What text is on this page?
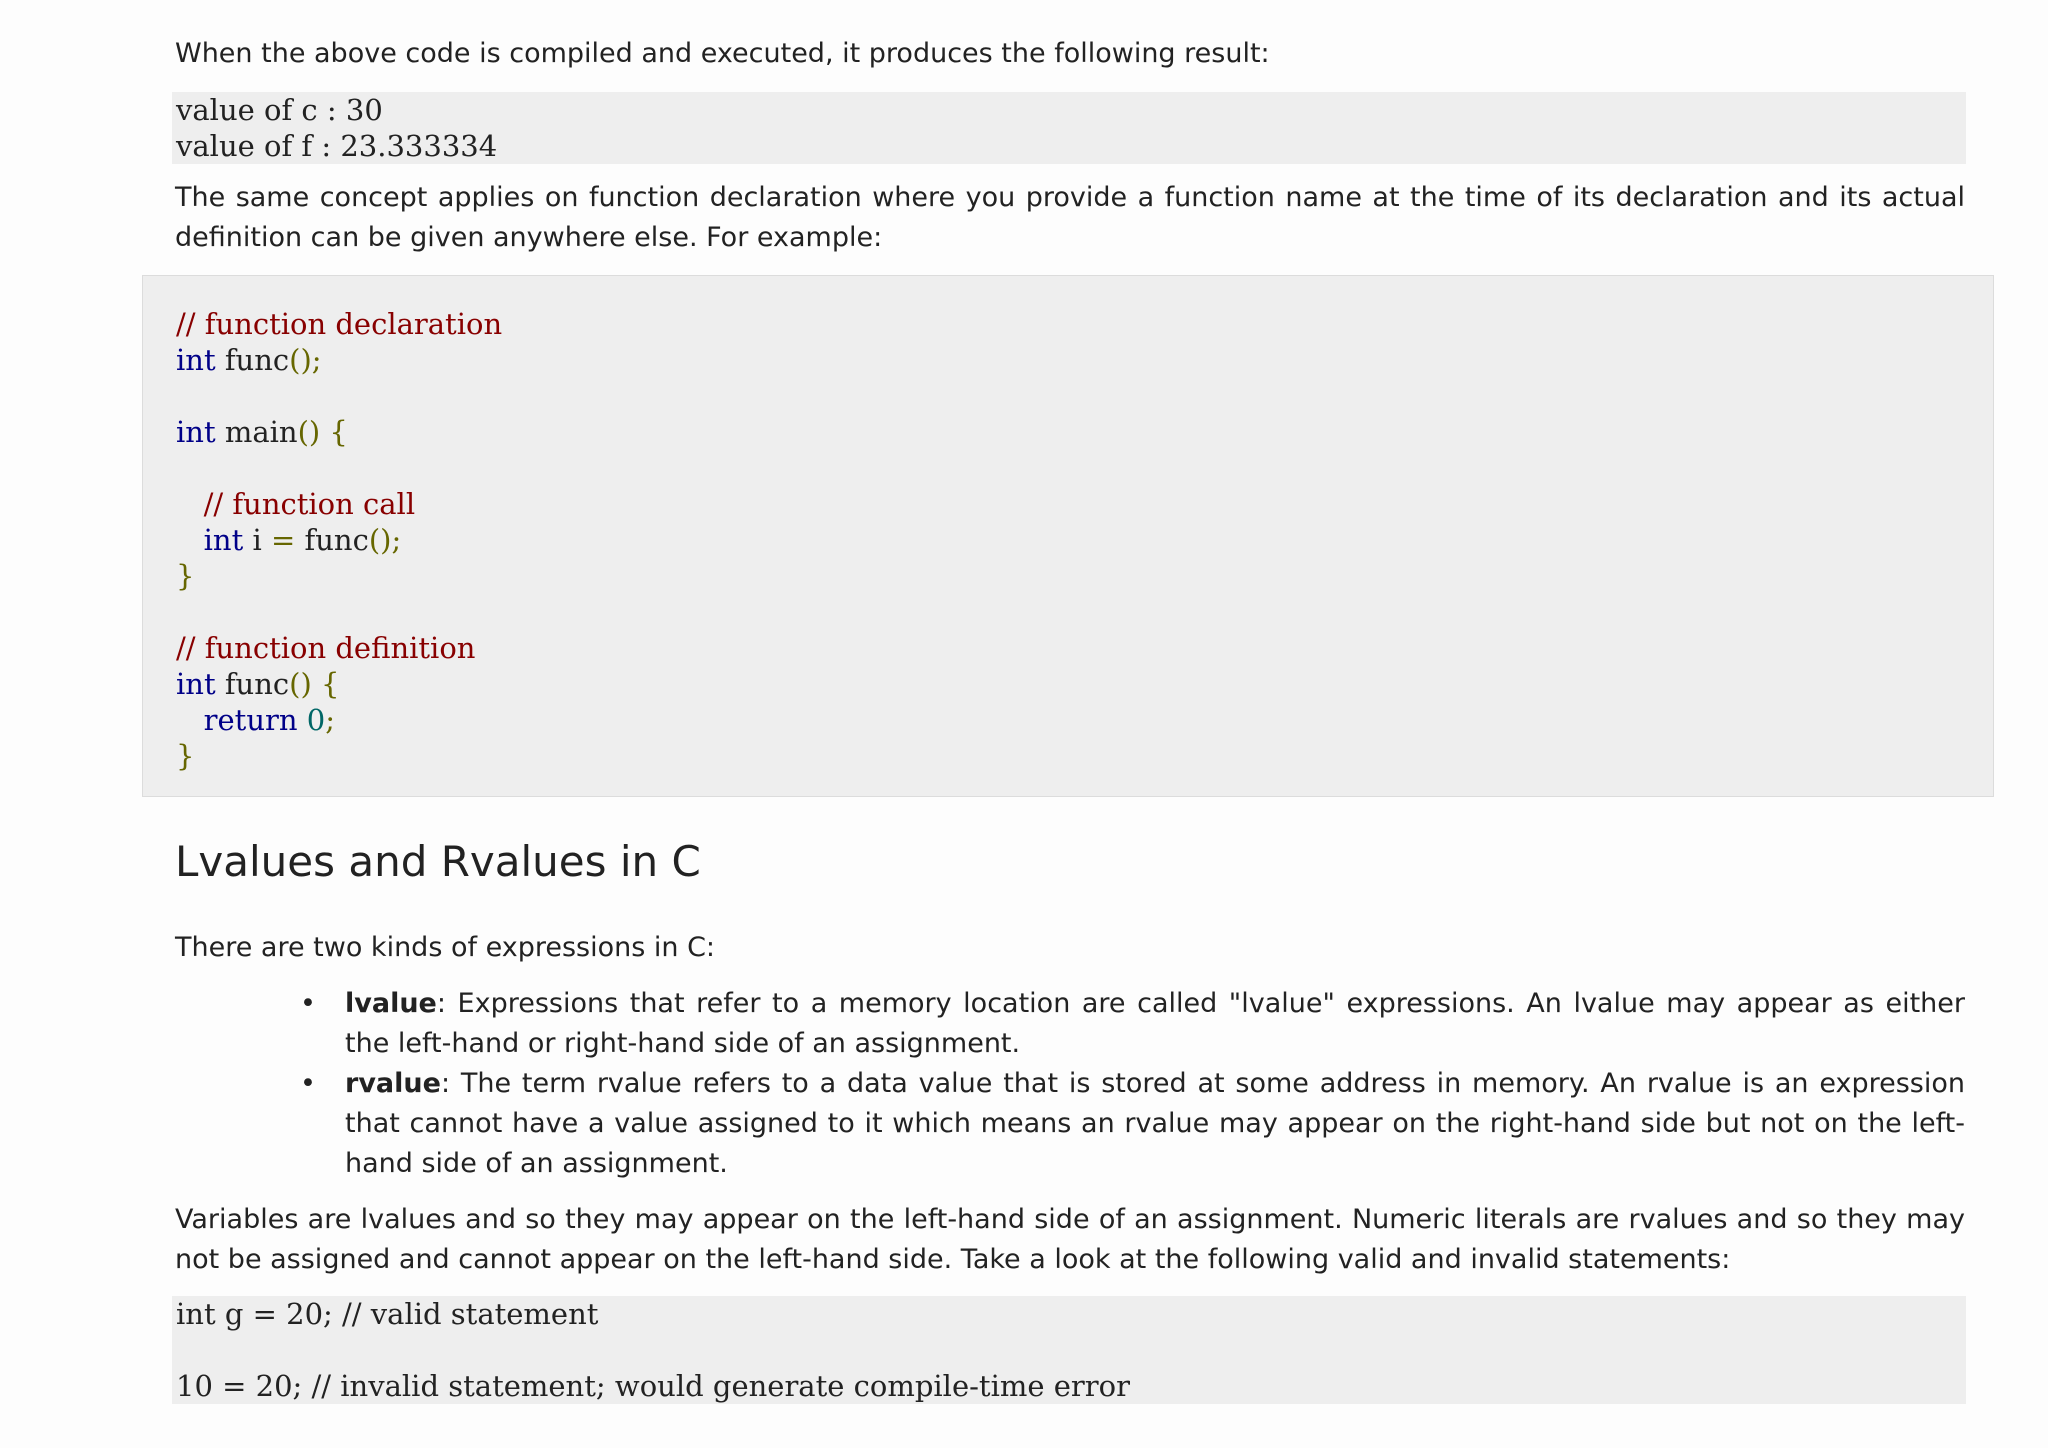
When the above code is compiled and executed, it produces the following result:

value of c : 30
value of f : 23.333334

The same concept applies on function declaration where you provide a function name at the time of its declaration and its actual definition can be given anywhere else. For example:

// function declaration
int func();
int main() {
// function call
int i = func();
}
// function definition
int func() {
return 0;
}
Lvalues and Rvalues in C

There are two kinds of expressions in C:

• lvalue: Expressions that refer to a memory location are called "lvalue" expressions. An lvalue may appear as either the left-hand or right-hand side of an assignment.
• rvalue: The term rvalue refers to a data value that is stored at some address in memory. An rvalue is an expression that cannot have a value assigned to it which means an rvalue may appear on the right-hand side but not on the left-hand side of an assignment.

Variables are lvalues and so they may appear on the left-hand side of an assignment. Numeric literals are rvalues and so they may not be assigned and cannot appear on the left-hand side. Take a look at the following valid and invalid statements:

int g = 20; // valid statement
10 = 20; // invalid statement; would generate compile-time error
